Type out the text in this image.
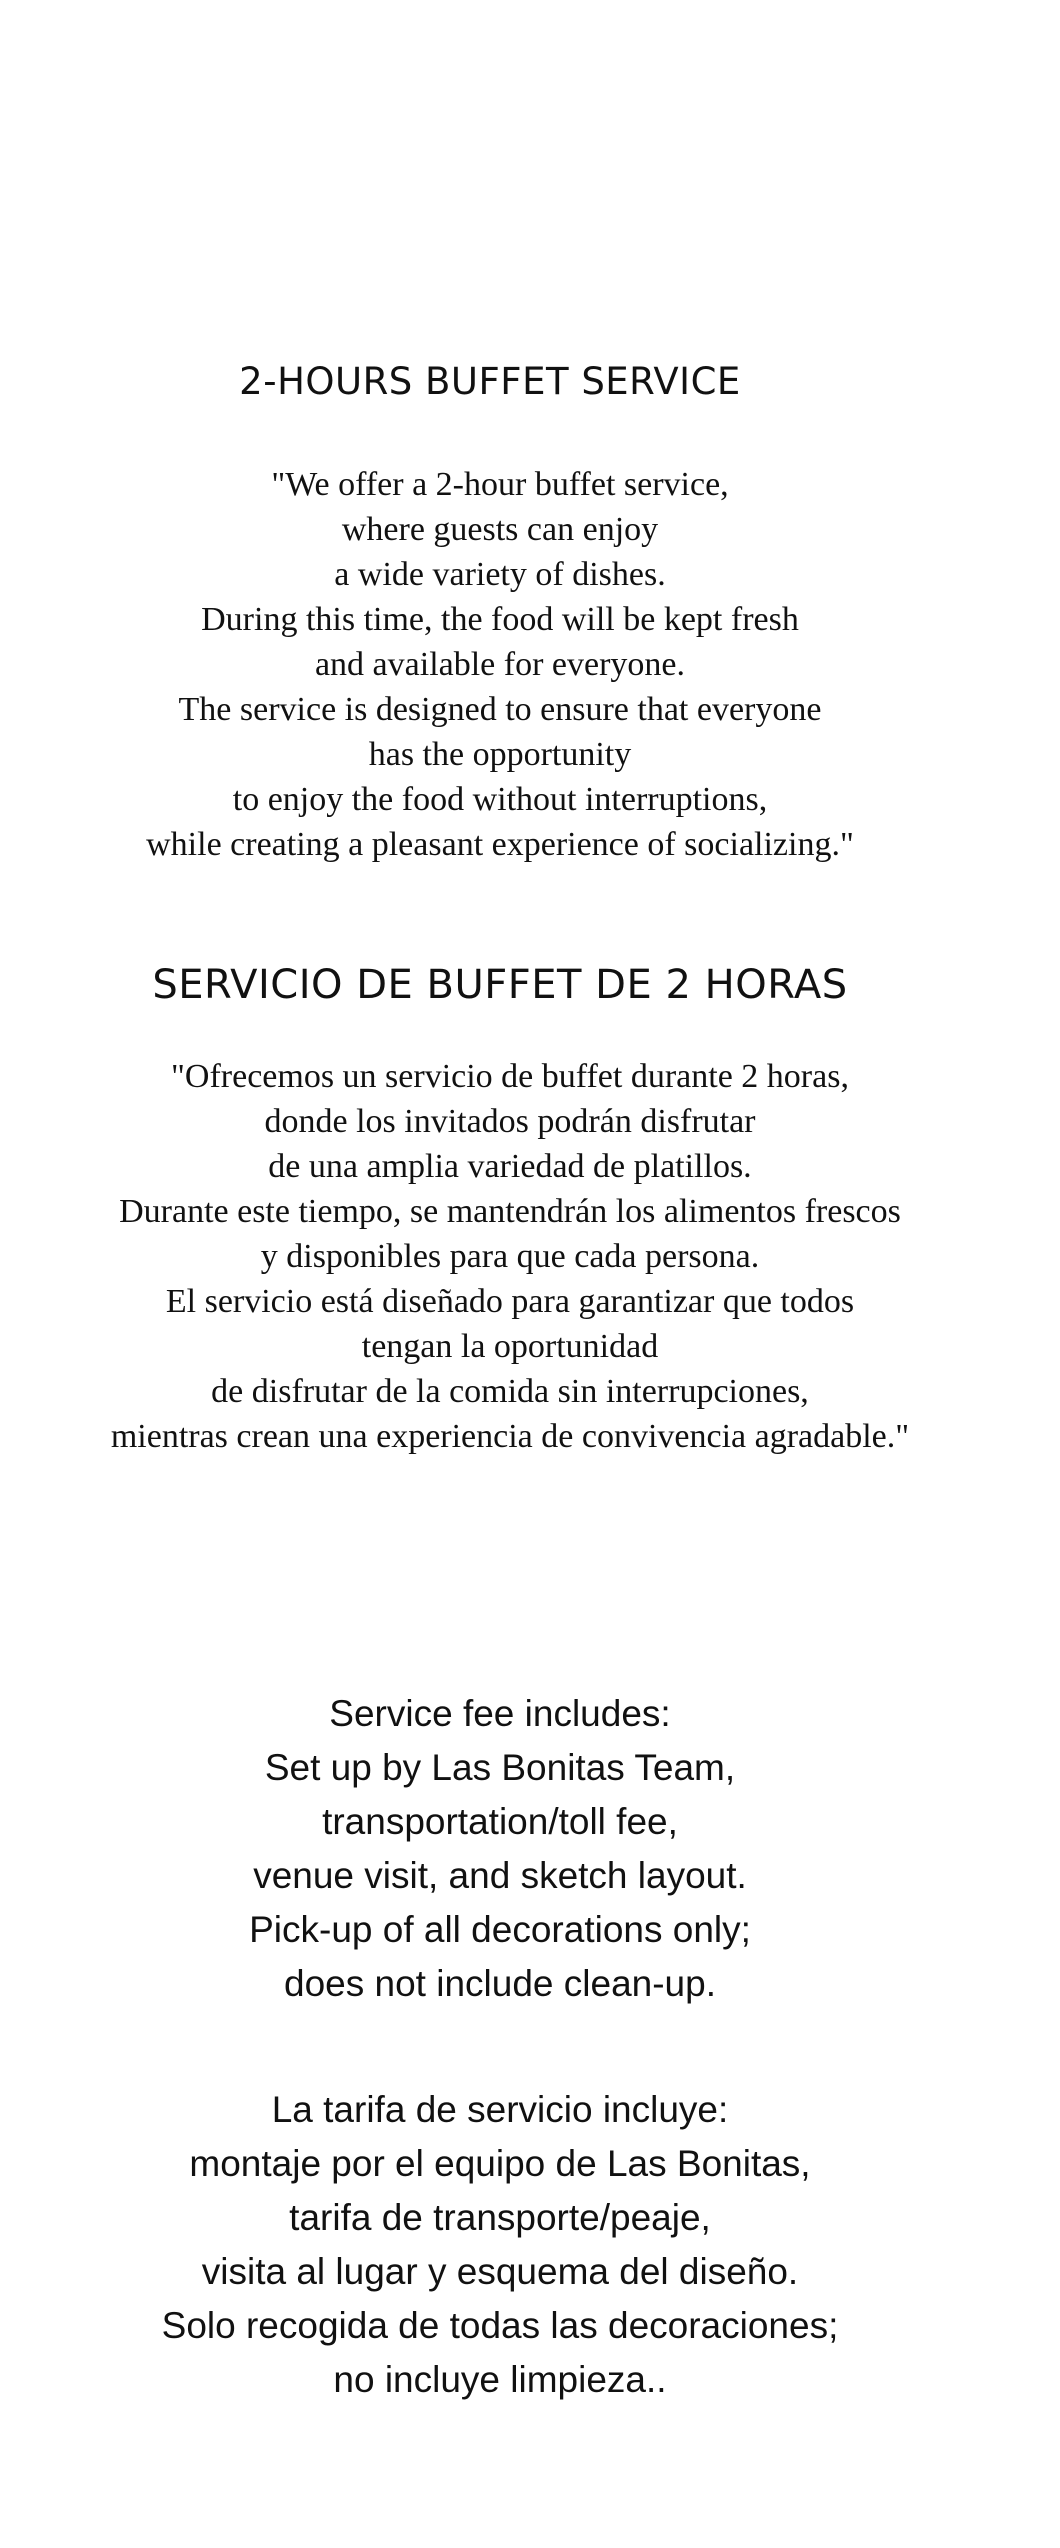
2-HOURS BUFFET SERVICE
"We offer a 2-hour buffet service,
where guests can enjoy
a wide variety of dishes.
During this time, the food will be kept fresh
and available for everyone.
The service is designed to ensure that everyone
has the opportunity
to enjoy the food without interruptions,
while creating a pleasant experience of socializing."
SERVICIO DE BUFFET DE 2 HORAS
"Ofrecemos un servicio de buffet durante 2 horas,
donde los invitados podrán disfrutar
de una amplia variedad de platillos.
Durante este tiempo, se mantendrán los alimentos frescos
y disponibles para que cada persona.
El servicio está diseñado para garantizar que todos
tengan la oportunidad
de disfrutar de la comida sin interrupciones,
mientras crean una experiencia de convivencia agradable."
Service fee includes:
Set up by Las Bonitas Team,
transportation/toll fee,
venue visit, and sketch layout.
Pick-up of all decorations only;
does not include clean-up.
La tarifa de servicio incluye:
montaje por el equipo de Las Bonitas,
tarifa de transporte/peaje,
visita al lugar y esquema del diseño.
Solo recogida de todas las decoraciones;
no incluye limpieza..
